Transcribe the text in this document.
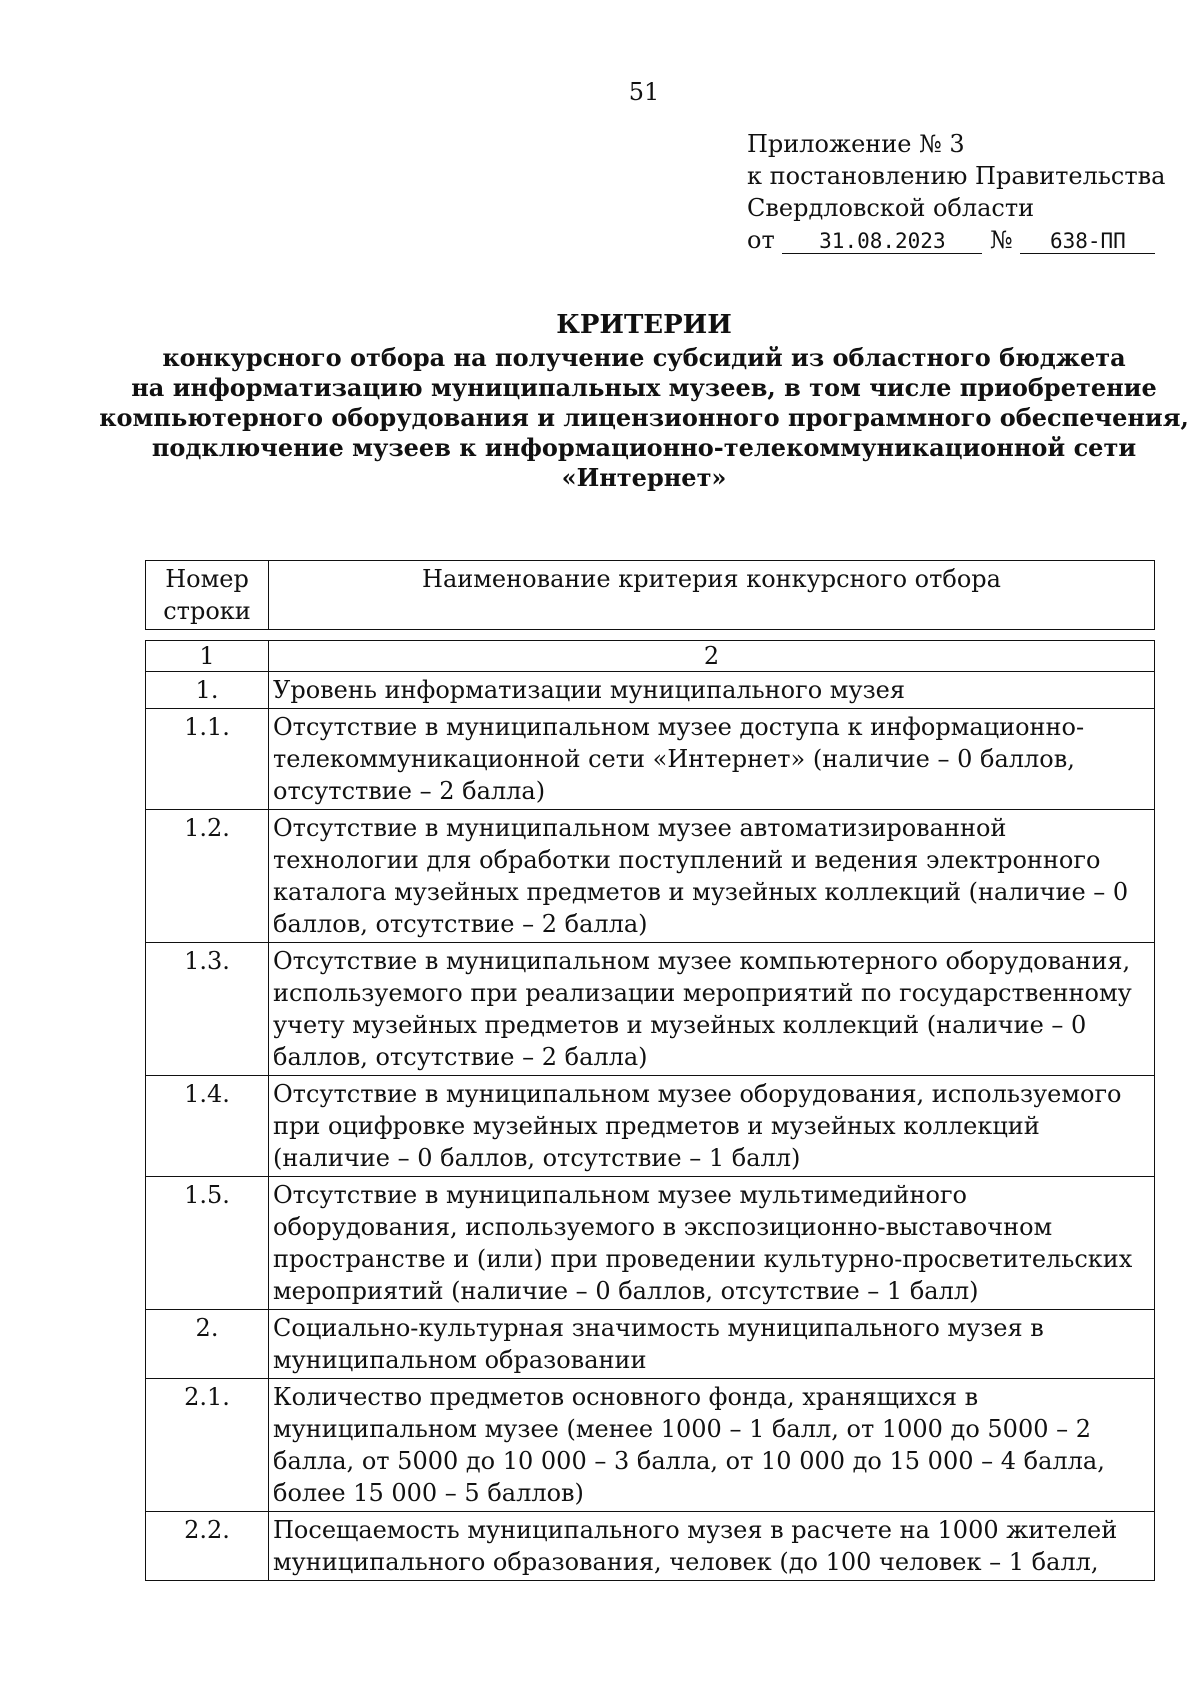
51
Приложение № 3
к постановлению Правительства
Свердловской области
от 31.08.2023 № 638-ПП
КРИТЕРИИ
конкурсного отбора на получение субсидий из областного бюджета
на информатизацию муниципальных музеев, в том числе приобретение
компьютерного оборудования и лицензионного программного обеспечения,
подключение музеев к информационно-телекоммуникационной сети
«Интернет»
Номер
строки
	Наименование критерия конкурсного отбора
1	2
1.	Уровень информатизации муниципального музея
1.1.	Отсутствие в муниципальном музее доступа к информационно-телекоммуникационной сети «Интернет» (наличие – 0 баллов, отсутствие – 2 балла)
1.2.	Отсутствие в муниципальном музее автоматизированной технологии для обработки поступлений и ведения электронного каталога музейных предметов и музейных коллекций (наличие – 0 баллов, отсутствие – 2 балла)
1.3.	Отсутствие в муниципальном музее компьютерного оборудования, используемого при реализации мероприятий по государственному учету музейных предметов и музейных коллекций (наличие – 0 баллов, отсутствие – 2 балла)
1.4.	Отсутствие в муниципальном музее оборудования, используемого при оцифровке музейных предметов и музейных коллекций (наличие – 0 баллов, отсутствие – 1 балл)
1.5.	Отсутствие в муниципальном музее мультимедийного оборудования, используемого в экспозиционно-выставочном пространстве и (или) при проведении культурно-просветительских мероприятий (наличие – 0 баллов, отсутствие – 1 балл)
2.	Социально-культурная значимость муниципального музея в муниципальном образовании
2.1.	Количество предметов основного фонда, хранящихся в муниципальном музее (менее 1000 – 1 балл, от 1000 до 5000 – 2 балла, от 5000 до 10 000 – 3 балла, от 10 000 до 15 000 – 4 балла, более 15 000 – 5 баллов)
2.2.	Посещаемость муниципального музея в расчете на 1000 жителей муниципального образования, человек (до 100 человек – 1 балл,
